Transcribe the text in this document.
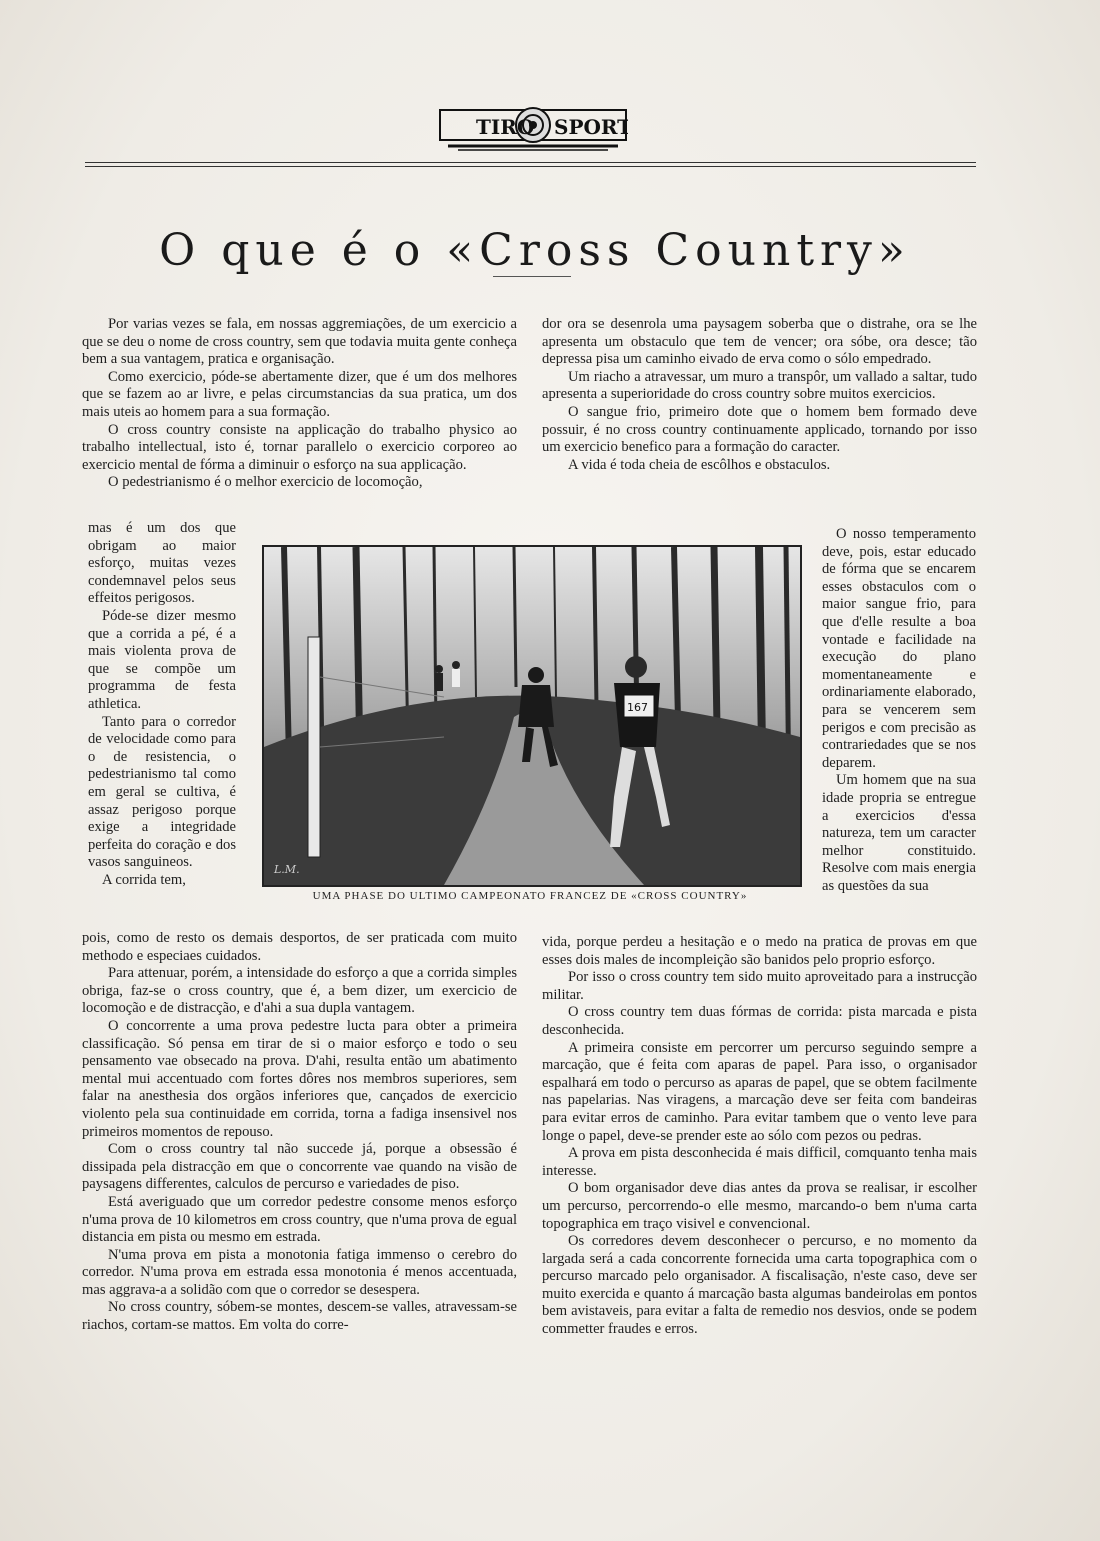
TIRO SPORT
O que é o «Cross Country»

Por varias vezes se fala, em nossas aggremiações, de um exercicio a que se deu o nome de cross country, sem que todavia muita gente conheça bem a sua vantagem, pratica e organisação.

Como exercicio, póde-se abertamente dizer, que é um dos melhores que se fazem ao ar livre, e pelas circumstancias da sua pratica, um dos mais uteis ao homem para a sua formação.

O cross country consiste na applicação do trabalho physico ao trabalho intellectual, isto é, tornar parallelo o exercicio corporeo ao exercicio mental de fórma a diminuir o esforço na sua applicação.

O pedestrianismo é o melhor exercicio de locomoção,

mas é um dos que obrigam ao maior esforço, muitas vezes condemnavel pelos seus effeitos perigosos.

Póde-se dizer mesmo que a corrida a pé, é a mais violenta prova de que se compõe um programma de festa athletica.

Tanto para o corredor de velocidade como para o de resistencia, o pedestrianismo tal como em geral se cultiva, é assaz perigoso porque exige a integridade perfeita do coração e dos vasos sanguineos.

A corrida tem,

pois, como de resto os demais desportos, de ser praticada com muito methodo e especiaes cuidados.

Para attenuar, porém, a intensidade do esforço a que a corrida simples obriga, faz-se o cross country, que é, a bem dizer, um exercicio de locomoção e de distracção, e d'ahi a sua dupla vantagem.

O concorrente a uma prova pedestre lucta para obter a primeira classificação. Só pensa em tirar de si o maior esforço e todo o seu pensamento vae obsecado na prova. D'ahi, resulta então um abatimento mental mui accentuado com fortes dôres nos membros superiores, sem falar na anesthesia dos orgãos inferiores que, cançados de exercicio violento pela sua continuidade em corrida, torna a fadiga insensivel nos primeiros momentos de repouso.

Com o cross country tal não succede já, porque a obsessão é dissipada pela distracção em que o concorrente vae quando na visão de paysagens differentes, calculos de percurso e variedades de piso.

Está averiguado que um corredor pedestre consome menos esforço n'uma prova de 10 kilometros em cross country, que n'uma prova de egual distancia em pista ou mesmo em estrada.

N'uma prova em pista a monotonia fatiga immenso o cerebro do corredor. N'uma prova em estrada essa monotonia é menos accentuada, mas aggrava-a a solidão com que o corredor se desespera.

No cross country, sóbem-se montes, descem-se valles, atravessam-se riachos, cortam-se mattos. Em volta do corre-

dor ora se desenrola uma paysagem soberba que o distrahe, ora se lhe apresenta um obstaculo que tem de vencer; ora sóbe, ora desce; tão depressa pisa um caminho eivado de erva como o sólo empedrado.

Um riacho a atravessar, um muro a transpôr, um vallado a saltar, tudo apresenta a superioridade do cross country sobre muitos exercicios.

O sangue frio, primeiro dote que o homem bem formado deve possuir, é no cross country continuamente applicado, tornando por isso um exercicio benefico para a formação do caracter.

A vida é toda cheia de escôlhos e obstaculos.

O nosso temperamento deve, pois, estar educado de fórma que se encarem esses obstaculos com o maior sangue frio, para que d'elle resulte a boa vontade e facilidade na execução do plano momentaneamente e ordinariamente elaborado, para se vencerem sem perigos e com precisão as contrariedades que se nos deparem.

Um homem que na sua idade propria se entregue a exercicios d'essa natureza, tem um caracter melhor constituido. Resolve com mais energia as questões da sua

vida, porque perdeu a hesitação e o medo na pratica de provas em que esses dois males de incompleição são banidos pelo proprio esforço.

Por isso o cross country tem sido muito aproveitado para a instrucção militar.

O cross country tem duas fórmas de corrida: pista marcada e pista desconhecida.

A primeira consiste em percorrer um percurso seguindo sempre a marcação, que é feita com aparas de papel. Para isso, o organisador espalhará em todo o percurso as aparas de papel, que se obtem facilmente nas papelarias. Nas viragens, a marcação deve ser feita com bandeiras para evitar erros de caminho. Para evitar tambem que o vento leve para longe o papel, deve-se prender este ao sólo com pezos ou pedras.

A prova em pista desconhecida é mais difficil, comquanto tenha mais interesse.

O bom organisador deve dias antes da prova se realisar, ir escolher um percurso, percorrendo-o elle mesmo, marcando-o bem n'uma carta topographica em traço visivel e convencional.

Os corredores devem desconhecer o percurso, e no momento da largada será a cada concorrente fornecida uma carta topographica com o percurso marcado pelo organisador. A fiscalisação, n'este caso, deve ser muito exercida e quanto á marcação basta algumas bandeirolas em pontos bem avistaveis, para evitar a falta de remedio nos desvios, onde se podem commetter fraudes e erros.

167
L.M.
UMA PHASE DO ULTIMO CAMPEONATO FRANCEZ DE «CROSS COUNTRY»
